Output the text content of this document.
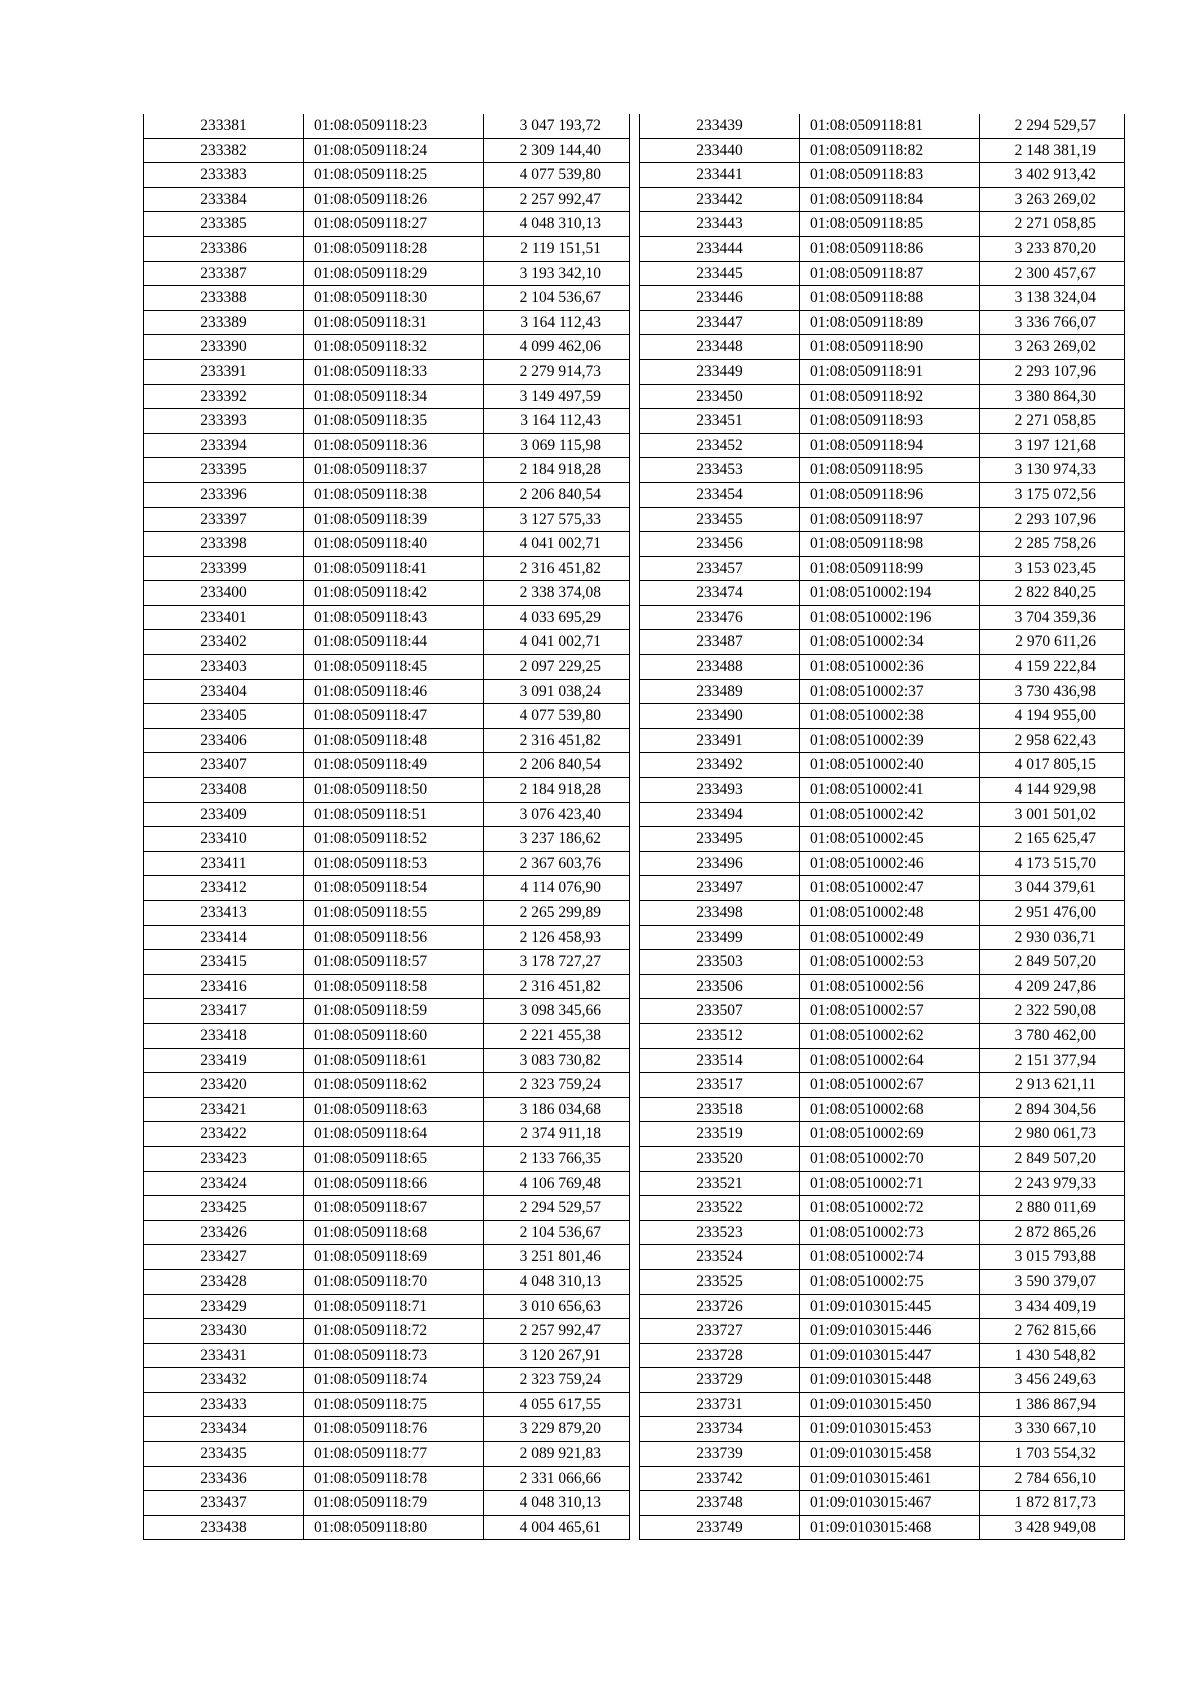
233381	01:08:0509118:23	3 047 193,72
233382	01:08:0509118:24	2 309 144,40
233383	01:08:0509118:25	4 077 539,80
233384	01:08:0509118:26	2 257 992,47
233385	01:08:0509118:27	4 048 310,13
233386	01:08:0509118:28	2 119 151,51
233387	01:08:0509118:29	3 193 342,10
233388	01:08:0509118:30	2 104 536,67
233389	01:08:0509118:31	3 164 112,43
233390	01:08:0509118:32	4 099 462,06
233391	01:08:0509118:33	2 279 914,73
233392	01:08:0509118:34	3 149 497,59
233393	01:08:0509118:35	3 164 112,43
233394	01:08:0509118:36	3 069 115,98
233395	01:08:0509118:37	2 184 918,28
233396	01:08:0509118:38	2 206 840,54
233397	01:08:0509118:39	3 127 575,33
233398	01:08:0509118:40	4 041 002,71
233399	01:08:0509118:41	2 316 451,82
233400	01:08:0509118:42	2 338 374,08
233401	01:08:0509118:43	4 033 695,29
233402	01:08:0509118:44	4 041 002,71
233403	01:08:0509118:45	2 097 229,25
233404	01:08:0509118:46	3 091 038,24
233405	01:08:0509118:47	4 077 539,80
233406	01:08:0509118:48	2 316 451,82
233407	01:08:0509118:49	2 206 840,54
233408	01:08:0509118:50	2 184 918,28
233409	01:08:0509118:51	3 076 423,40
233410	01:08:0509118:52	3 237 186,62
233411	01:08:0509118:53	2 367 603,76
233412	01:08:0509118:54	4 114 076,90
233413	01:08:0509118:55	2 265 299,89
233414	01:08:0509118:56	2 126 458,93
233415	01:08:0509118:57	3 178 727,27
233416	01:08:0509118:58	2 316 451,82
233417	01:08:0509118:59	3 098 345,66
233418	01:08:0509118:60	2 221 455,38
233419	01:08:0509118:61	3 083 730,82
233420	01:08:0509118:62	2 323 759,24
233421	01:08:0509118:63	3 186 034,68
233422	01:08:0509118:64	2 374 911,18
233423	01:08:0509118:65	2 133 766,35
233424	01:08:0509118:66	4 106 769,48
233425	01:08:0509118:67	2 294 529,57
233426	01:08:0509118:68	2 104 536,67
233427	01:08:0509118:69	3 251 801,46
233428	01:08:0509118:70	4 048 310,13
233429	01:08:0509118:71	3 010 656,63
233430	01:08:0509118:72	2 257 992,47
233431	01:08:0509118:73	3 120 267,91
233432	01:08:0509118:74	2 323 759,24
233433	01:08:0509118:75	4 055 617,55
233434	01:08:0509118:76	3 229 879,20
233435	01:08:0509118:77	2 089 921,83
233436	01:08:0509118:78	2 331 066,66
233437	01:08:0509118:79	4 048 310,13
233438	01:08:0509118:80	4 004 465,61
233439	01:08:0509118:81	2 294 529,57
233440	01:08:0509118:82	2 148 381,19
233441	01:08:0509118:83	3 402 913,42
233442	01:08:0509118:84	3 263 269,02
233443	01:08:0509118:85	2 271 058,85
233444	01:08:0509118:86	3 233 870,20
233445	01:08:0509118:87	2 300 457,67
233446	01:08:0509118:88	3 138 324,04
233447	01:08:0509118:89	3 336 766,07
233448	01:08:0509118:90	3 263 269,02
233449	01:08:0509118:91	2 293 107,96
233450	01:08:0509118:92	3 380 864,30
233451	01:08:0509118:93	2 271 058,85
233452	01:08:0509118:94	3 197 121,68
233453	01:08:0509118:95	3 130 974,33
233454	01:08:0509118:96	3 175 072,56
233455	01:08:0509118:97	2 293 107,96
233456	01:08:0509118:98	2 285 758,26
233457	01:08:0509118:99	3 153 023,45
233474	01:08:0510002:194	2 822 840,25
233476	01:08:0510002:196	3 704 359,36
233487	01:08:0510002:34	2 970 611,26
233488	01:08:0510002:36	4 159 222,84
233489	01:08:0510002:37	3 730 436,98
233490	01:08:0510002:38	4 194 955,00
233491	01:08:0510002:39	2 958 622,43
233492	01:08:0510002:40	4 017 805,15
233493	01:08:0510002:41	4 144 929,98
233494	01:08:0510002:42	3 001 501,02
233495	01:08:0510002:45	2 165 625,47
233496	01:08:0510002:46	4 173 515,70
233497	01:08:0510002:47	3 044 379,61
233498	01:08:0510002:48	2 951 476,00
233499	01:08:0510002:49	2 930 036,71
233503	01:08:0510002:53	2 849 507,20
233506	01:08:0510002:56	4 209 247,86
233507	01:08:0510002:57	2 322 590,08
233512	01:08:0510002:62	3 780 462,00
233514	01:08:0510002:64	2 151 377,94
233517	01:08:0510002:67	2 913 621,11
233518	01:08:0510002:68	2 894 304,56
233519	01:08:0510002:69	2 980 061,73
233520	01:08:0510002:70	2 849 507,20
233521	01:08:0510002:71	2 243 979,33
233522	01:08:0510002:72	2 880 011,69
233523	01:08:0510002:73	2 872 865,26
233524	01:08:0510002:74	3 015 793,88
233525	01:08:0510002:75	3 590 379,07
233726	01:09:0103015:445	3 434 409,19
233727	01:09:0103015:446	2 762 815,66
233728	01:09:0103015:447	1 430 548,82
233729	01:09:0103015:448	3 456 249,63
233731	01:09:0103015:450	1 386 867,94
233734	01:09:0103015:453	3 330 667,10
233739	01:09:0103015:458	1 703 554,32
233742	01:09:0103015:461	2 784 656,10
233748	01:09:0103015:467	1 872 817,73
233749	01:09:0103015:468	3 428 949,08
